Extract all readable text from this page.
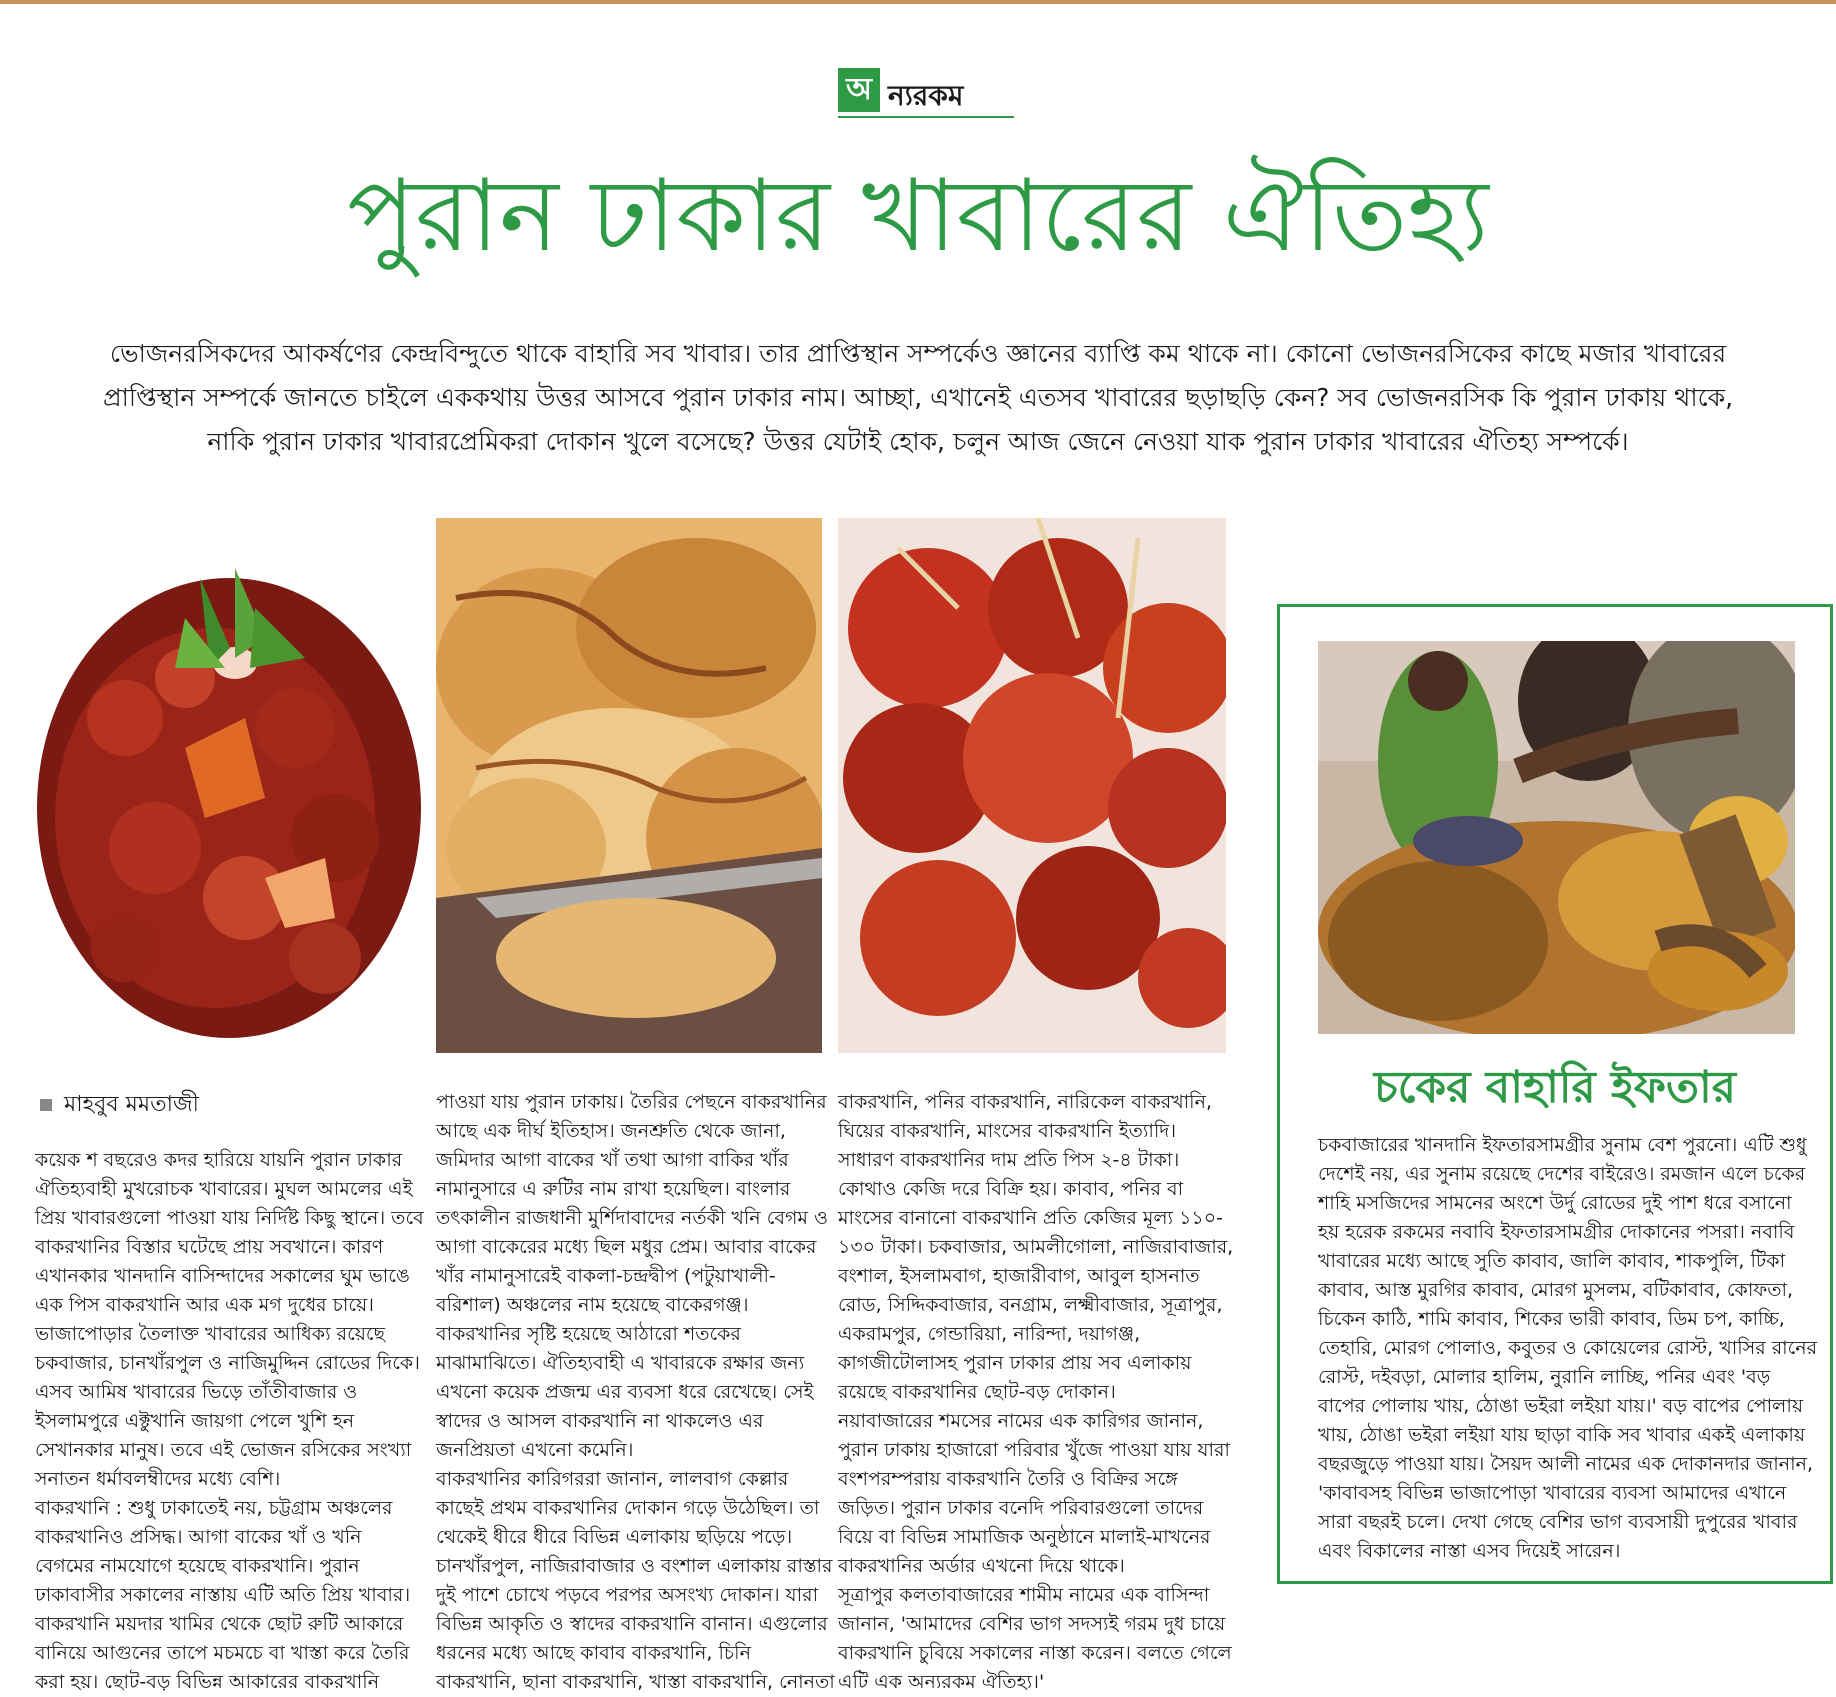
অ ন্যরকম
পুরান ঢাকার খাবারের ঐতিহ্য
ভোজনরসিকদের আকর্ষণের কেন্দ্রবিন্দুতে থাকে বাহারি সব খাবার। তার প্রাপ্তিস্থান সম্পর্কেও জ্ঞানের ব্যাপ্তি কম থাকে না। কোনো ভোজনরসিকের কাছে মজার খাবারের
প্রাপ্তিস্থান সম্পর্কে জানতে চাইলে এককথায় উত্তর আসবে পুরান ঢাকার নাম। আচ্ছা, এখানেই এতসব খাবারের ছড়াছড়ি কেন? সব ভোজনরসিক কি পুরান ঢাকায় থাকে,
নাকি পুরান ঢাকার খাবারপ্রেমিকরা দোকান খুলে বসেছে? উত্তর যেটাই হোক, চলুন আজ জেনে নেওয়া যাক পুরান ঢাকার খাবারের ঐতিহ্য সম্পর্কে।
মাহবুব মমতাজী
কয়েক শ বছরেও কদর হারিয়ে যায়নি পুরান ঢাকার
ঐতিহ্যবাহী মুখরোচক খাবারের। মুঘল আমলের এই
প্রিয় খাবারগুলো পাওয়া যায় নির্দিষ্ট কিছু স্থানে। তবে
বাকরখানির বিস্তার ঘটেছে প্রায় সবখানে। কারণ
এখানকার খানদানি বাসিন্দাদের সকালের ঘুম ভাঙে
এক পিস বাকরখানি আর এক মগ দুধের চায়ে।
ভাজাপোড়ার তৈলাক্ত খাবারের আধিক্য রয়েছে
চকবাজার, চানখাঁরপুল ও নাজিমুদ্দিন রোডের দিকে।
এসব আমিষ খাবারের ভিড়ে তাঁতীবাজার ও
ইসলামপুরে এক্টুখানি জায়গা পেলে খুশি হন
সেখানকার মানুষ। তবে এই ভোজন রসিকের সংখ্যা
সনাতন ধর্মাবলম্বীদের মধ্যে বেশি।
বাকরখানি : শুধু ঢাকাতেই নয়, চট্টগ্রাম অঞ্চলের
বাকরখানিও প্রসিদ্ধ। আগা বাকের খাঁ ও খনি
বেগমের নামযোগে হয়েছে বাকরখানি। পুরান
ঢাকাবাসীর সকালের নাস্তায় এটি অতি প্রিয় খাবার।
বাকরখানি ময়দার খামির থেকে ছোট রুটি আকারে
বানিয়ে আগুনের তাপে মচমচে বা খাস্তা করে তৈরি
করা হয়। ছোট-বড় বিভিন্ন আকারের বাকরখানি
পাওয়া যায় পুরান ঢাকায়। তৈরির পেছনে বাকরখানির
আছে এক দীর্ঘ ইতিহাস। জনশ্রুতি থেকে জানা,
জমিদার আগা বাকের খাঁ তথা আগা বাকির খাঁর
নামানুসারে এ রুটির নাম রাখা হয়েছিল। বাংলার
তৎকালীন রাজধানী মুর্শিদাবাদের নর্তকী খনি বেগম ও
আগা বাকেরের মধ্যে ছিল মধুর প্রেম। আবার বাকের
খাঁর নামানুসারেই বাকলা-চন্দ্রদ্বীপ (পটুয়াখালী-
বরিশাল) অঞ্চলের নাম হয়েছে বাকেরগঞ্জ।
বাকরখানির সৃষ্টি হয়েছে আঠারো শতকের
মাঝামাঝিতে। ঐতিহ্যবাহী এ খাবারকে রক্ষার জন্য
এখনো কয়েক প্রজন্ম এর ব্যবসা ধরে রেখেছে। সেই
স্বাদের ও আসল বাকরখানি না থাকলেও এর
জনপ্রিয়তা এখনো কমেনি।
বাকরখানির কারিগররা জানান, লালবাগ কেল্লার
কাছেই প্রথম বাকরখানির দোকান গড়ে উঠেছিল। তা
থেকেই ধীরে ধীরে বিভিন্ন এলাকায় ছড়িয়ে পড়ে।
চানখাঁরপুল, নাজিরাবাজার ও বংশাল এলাকায় রাস্তার
দুই পাশে চোখে পড়বে পরপর অসংখ্য দোকান। যারা
বিভিন্ন আকৃতি ও স্বাদের বাকরখানি বানান। এগুলোর
ধরনের মধ্যে আছে কাবাব বাকরখানি, চিনি
বাকরখানি, ছানা বাকরখানি, খাস্তা বাকরখানি, নোনতা
বাকরখানি, পনির বাকরখানি, নারিকেল বাকরখানি,
ঘিয়ের বাকরখানি, মাংসের বাকরখানি ইত্যাদি।
সাধারণ বাকরখানির দাম প্রতি পিস ২-৪ টাকা।
কোথাও কেজি দরে বিক্রি হয়। কাবাব, পনির বা
মাংসের বানানো বাকরখানি প্রতি কেজির মূল্য ১১০-
১৩০ টাকা। চকবাজার, আমলীগোলা, নাজিরাবাজার,
বংশাল, ইসলামবাগ, হাজারীবাগ, আবুল হাসনাত
রোড, সিদ্দিকবাজার, বনগ্রাম, লক্ষ্মীবাজার, সূত্রাপুর,
একরামপুর, গেন্ডারিয়া, নারিন্দা, দয়াগঞ্জ,
কাগজীটোলাসহ পুরান ঢাকার প্রায় সব এলাকায়
রয়েছে বাকরখানির ছোট-বড় দোকান।
নয়াবাজারের শমসের নামের এক কারিগর জানান,
পুরান ঢাকায় হাজারো পরিবার খুঁজে পাওয়া যায় যারা
বংশপরম্পরায় বাকরখানি তৈরি ও বিক্রির সঙ্গে
জড়িত। পুরান ঢাকার বনেদি পরিবারগুলো তাদের
বিয়ে বা বিভিন্ন সামাজিক অনুষ্ঠানে মালাই-মাখনের
বাকরখানির অর্ডার এখনো দিয়ে থাকে।
সূত্রাপুর কলতাবাজারের শামীম নামের এক বাসিন্দা
জানান, 'আমাদের বেশির ভাগ সদস্যই গরম দুধ চায়ে
বাকরখানি চুবিয়ে সকালের নাস্তা করেন। বলতে গেলে
এটি এক অন্যরকম ঐতিহ্য।'
চকের বাহারি ইফতার
চকবাজারের খানদানি ইফতারসামগ্রীর সুনাম বেশ পুরনো। এটি শুধু
দেশেই নয়, এর সুনাম রয়েছে দেশের বাইরেও। রমজান এলে চকের
শাহি মসজিদের সামনের অংশে উর্দু রোডের দুই পাশ ধরে বসানো
হয় হরেক রকমের নবাবি ইফতারসামগ্রীর দোকানের পসরা। নবাবি
খাবারের মধ্যে আছে সুতি কাবাব, জালি কাবাব, শাকপুলি, টিকা
কাবাব, আস্ত মুরগির কাবাব, মোরগ মুসলম, বটিকাবাব, কোফতা,
চিকেন কাঠি, শামি কাবাব, শিকের ভারী কাবাব, ডিম চপ, কাচ্চি,
তেহারি, মোরগ পোলাও, কবুতর ও কোয়েলের রোস্ট, খাসির রানের
রোস্ট, দইবড়া, মোলার হালিম, নুরানি লাচ্ছি, পনির এবং 'বড়
বাপের পোলায় খায়, ঠোঙা ভইরা লইয়া যায়।' বড় বাপের পোলায়
খায়, ঠোঙা ভইরা লইয়া যায় ছাড়া বাকি সব খাবার একই এলাকায়
বছরজুড়ে পাওয়া যায়। সৈয়দ আলী নামের এক দোকানদার জানান,
'কাবাবসহ বিভিন্ন ভাজাপোড়া খাবারের ব্যবসা আমাদের এখানে
সারা বছরই চলে। দেখা গেছে বেশির ভাগ ব্যবসায়ী দুপুরের খাবার
এবং বিকালের নাস্তা এসব দিয়েই সারেন।
